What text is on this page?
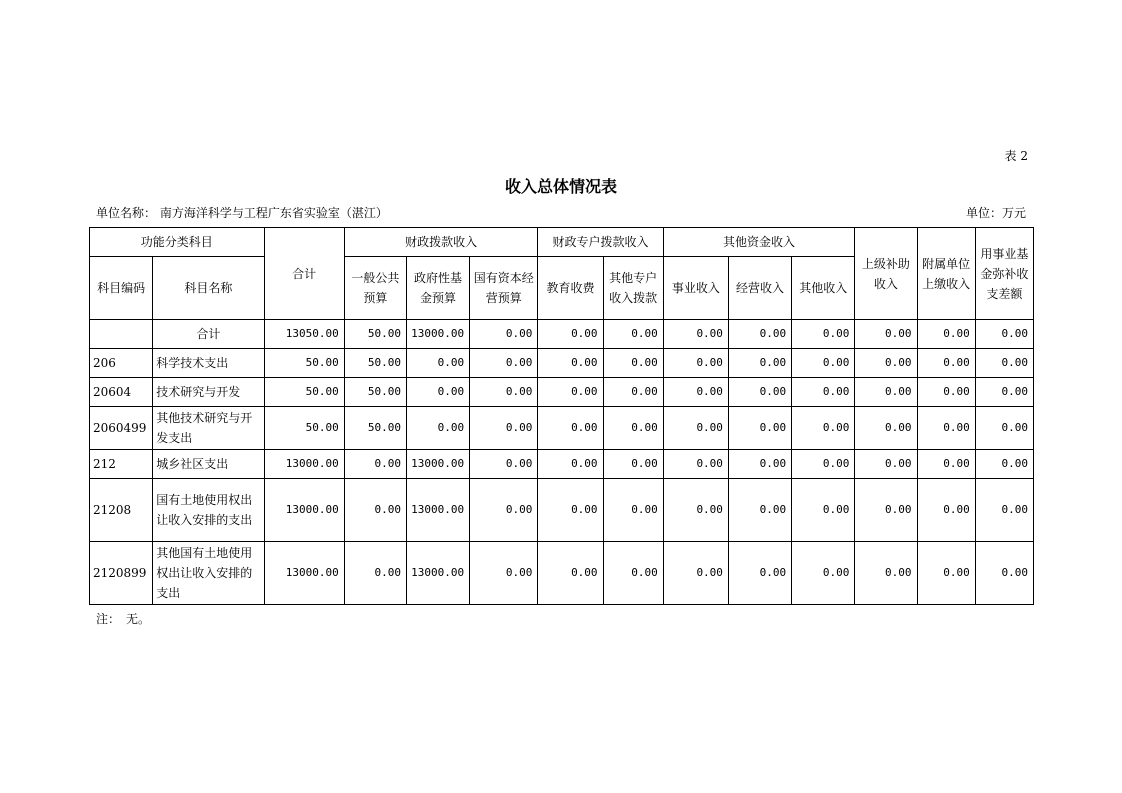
表 2
收入总体情况表
单位名称： 南方海洋科学与工程广东省实验室（湛江）	单位：万元
功能分类科目		合计	财政拨款收入			财政专户拨款收入		其他资金收入			上级补助收入	附属单位上缴收入	用事业基金弥补收支差额
科目编码	科目名称		一般公共预算	政府性基金预算	国有资本经营预算	教育收费	其他专户收入拨款	事业收入	经营收入	其他收入			
	合计	13050.00	50.00	13000.00	0.00	0.00	0.00	0.00	0.00	0.00	0.00	0.00	0.00
206	科学技术支出	50.00	50.00	0.00	0.00	0.00	0.00	0.00	0.00	0.00	0.00	0.00	0.00
20604	技术研究与开发	50.00	50.00	0.00	0.00	0.00	0.00	0.00	0.00	0.00	0.00	0.00	0.00
2060499	其他技术研究与开发支出	50.00	50.00	0.00	0.00	0.00	0.00	0.00	0.00	0.00	0.00	0.00	0.00
212	城乡社区支出	13000.00	0.00	13000.00	0.00	0.00	0.00	0.00	0.00	0.00	0.00	0.00	0.00
21208	国有土地使用权出让收入安排的支出	13000.00	0.00	13000.00	0.00	0.00	0.00	0.00	0.00	0.00	0.00	0.00	0.00
2120899	其他国有土地使用权出让收入安排的支出	13000.00	0.00	13000.00	0.00	0.00	0.00	0.00	0.00	0.00	0.00	0.00	0.00
注：　无。
